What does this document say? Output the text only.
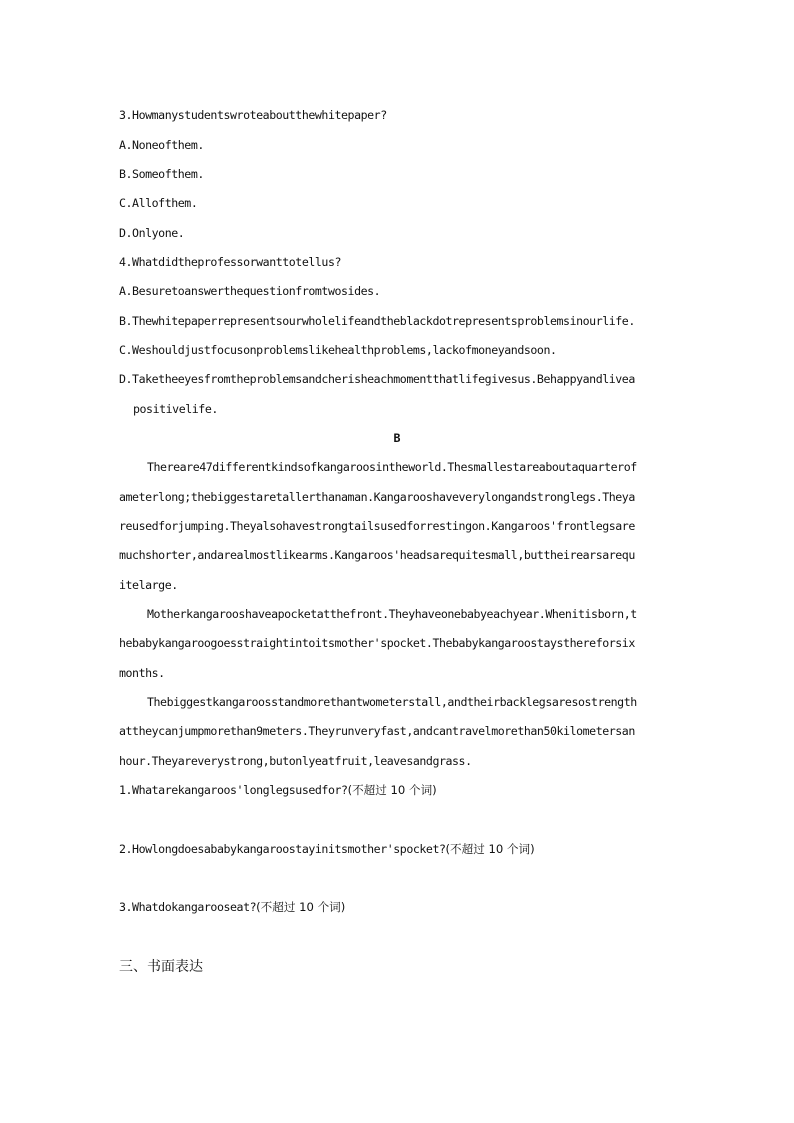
3.Howmanystudentswroteaboutthewhitepaper?
A.Noneofthem.
B.Someofthem.
C.Allofthem.
D.Onlyone.
4.Whatdidtheprofessorwanttotellus?
A.Besuretoanswerthequestionfromtwosides.
B.Thewhitepaperrepresentsourwholelifeandtheblackdotrepresentsproblemsinourlife.
C.Weshouldjustfocusonproblemslikehealthproblems,lackofmoneyandsoon.
D.Taketheeyesfromtheproblemsandcherisheachmomentthatlifegivesus.Behappyandlivea
positivelife.
B
Thereare47differentkindsofkangaroosintheworld.Thesmallestareaboutaquarterof
ameterlong;thebiggestaretallerthanaman.Kangarooshaveverylongandstronglegs.Theya
reusedforjumping.Theyalsohavestrongtailsusedforrestingon.Kangaroos'frontlegsare
muchshorter,andarealmostlikearms.Kangaroos'headsarequitesmall,buttheirearsarequ
itelarge.
Motherkangarooshaveapocketatthefront.Theyhaveonebabyeachyear.Whenitisborn,t
hebabykangaroogoesstraightintoitsmother'spocket.Thebabykangaroostaysthereforsix
months.
Thebiggestkangaroosstandmorethantwometerstall,andtheirbacklegsaresostrength
attheycanjumpmorethan9meters.Theyrunveryfast,andcantravelmorethan50kilometersan
hour.Theyareverystrong,butonlyeatfruit,leavesandgrass.
1.Whatarekangaroos'longlegsusedfor?(不超过 10 个词)
2.Howlongdoesababykangaroostayinitsmother'spocket?(不超过 10 个词)
3.Whatdokangarooseat?(不超过 10 个词)
三、书面表达
